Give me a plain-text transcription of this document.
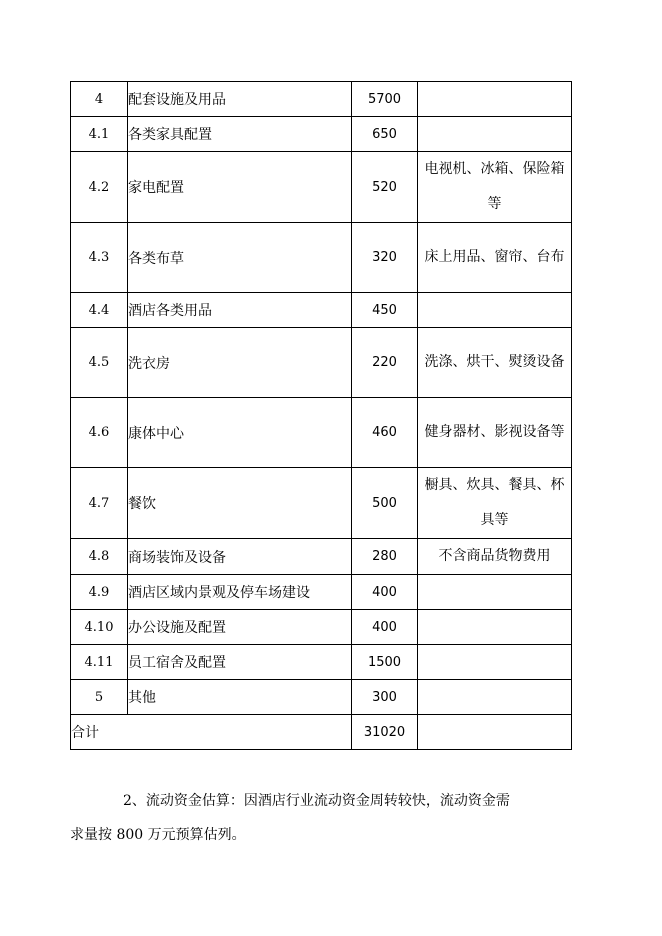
4	配套设施及用品	5700	
4.1	各类家具配置	650	
4.2	家电配置	520	电视机、冰箱、保险箱等
4.3	各类布草	320	床上用品、窗帘、台布
4.4	酒店各类用品	450	
4.5	洗衣房	220	洗涤、烘干、熨烫设备
4.6	康体中心	460	健身器材、影视设备等
4.7	餐饮	500	橱具、炊具、餐具、杯具等
4.8	商场装饰及设备	280	不含商品货物费用
4.9	酒店区域内景观及停车场建设	400	
4.10	办公设施及配置	400	
4.11	员工宿舍及配置	1500	
5	其他	300	
合计		31020	

2、流动资金估算：因酒店行业流动资金周转较快，流动资金需

求量按 800 万元预算估列。
